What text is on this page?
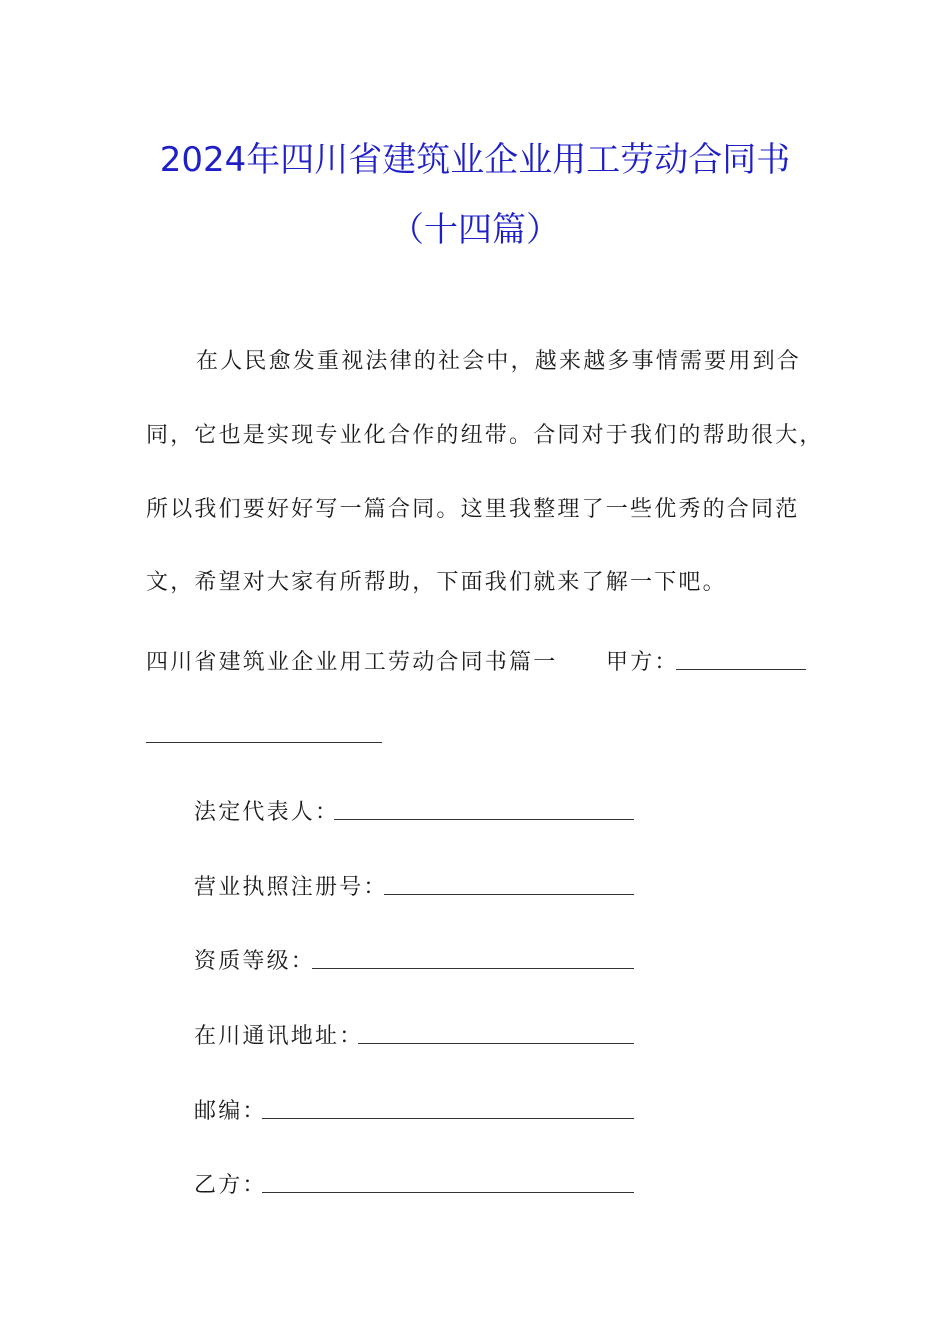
2024年四川省建筑业企业用工劳动合同书
（十四篇）
在人民愈发重视法律的社会中，越来越多事情需要用到合
同，它也是实现专业化合作的纽带。合同对于我们的帮助很大，
所以我们要好好写一篇合同。这里我整理了一些优秀的合同范
文，希望对大家有所帮助，下面我们就来了解一下吧。
四川省建筑业企业用工劳动合同书篇一 甲方：
法定代表人：
营业执照注册号：
资质等级：
在川通讯地址：
邮编：
乙方：
